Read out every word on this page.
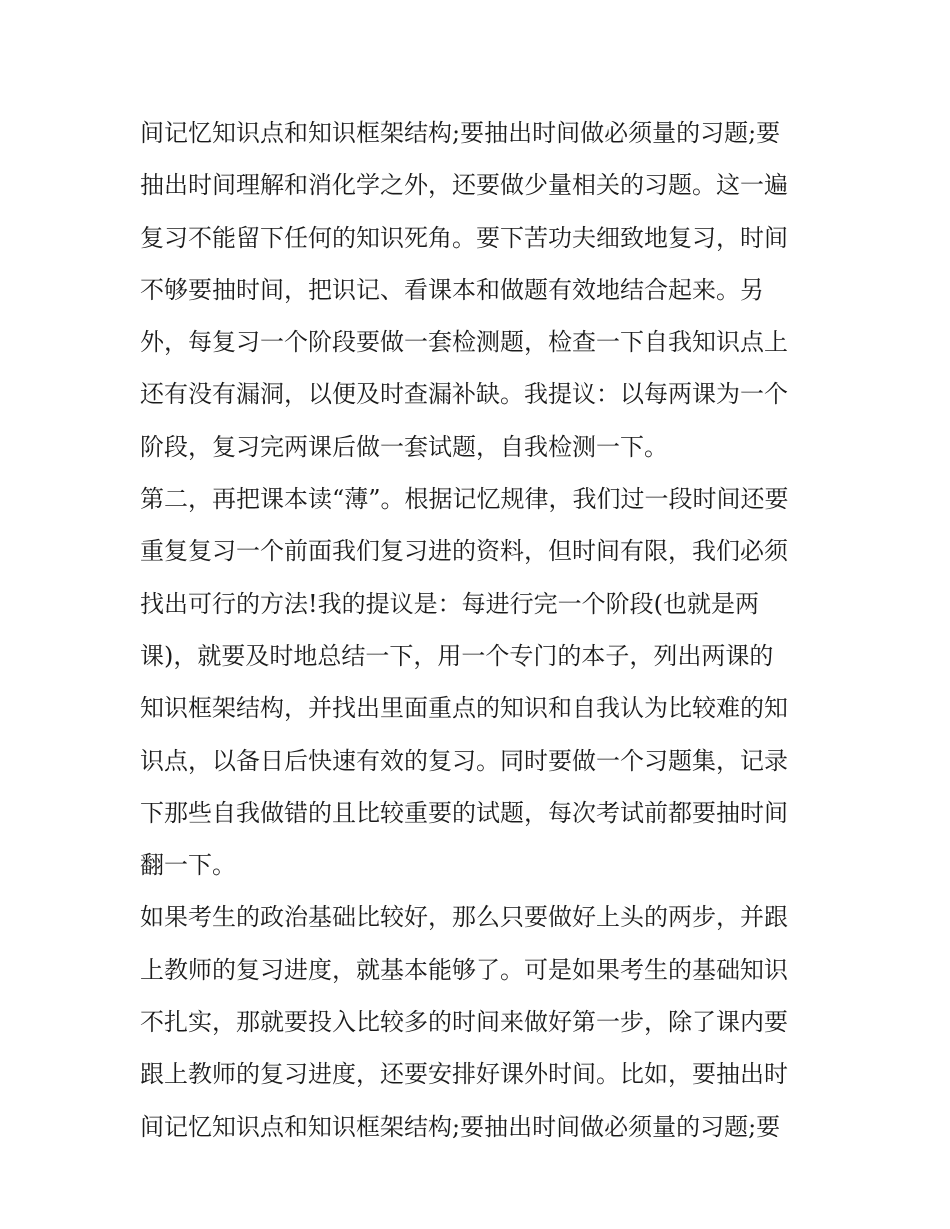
间记忆知识点和知识框架结构;要抽出时间做必须量的习题;要
抽出时间理解和消化学之外，还要做少量相关的习题。这一遍
复习不能留下任何的知识死角。要下苦功夫细致地复习，时间
不够要抽时间，把识记、看课本和做题有效地结合起来。另
外，每复习一个阶段要做一套检测题，检查一下自我知识点上
还有没有漏洞，以便及时查漏补缺。我提议：以每两课为一个
阶段，复习完两课后做一套试题，自我检测一下。
第二，再把课本读“薄”。根据记忆规律，我们过一段时间还要
重复复习一个前面我们复习进的资料，但时间有限，我们必须
找出可行的方法!我的提议是：每进行完一个阶段(也就是两
课)，就要及时地总结一下，用一个专门的本子，列出两课的
知识框架结构，并找出里面重点的知识和自我认为比较难的知
识点，以备日后快速有效的复习。同时要做一个习题集，记录
下那些自我做错的且比较重要的试题，每次考试前都要抽时间
翻一下。
如果考生的政治基础比较好，那么只要做好上头的两步，并跟
上教师的复习进度，就基本能够了。可是如果考生的基础知识
不扎实，那就要投入比较多的时间来做好第一步，除了课内要
跟上教师的复习进度，还要安排好课外时间。比如，要抽出时
间记忆知识点和知识框架结构;要抽出时间做必须量的习题;要
